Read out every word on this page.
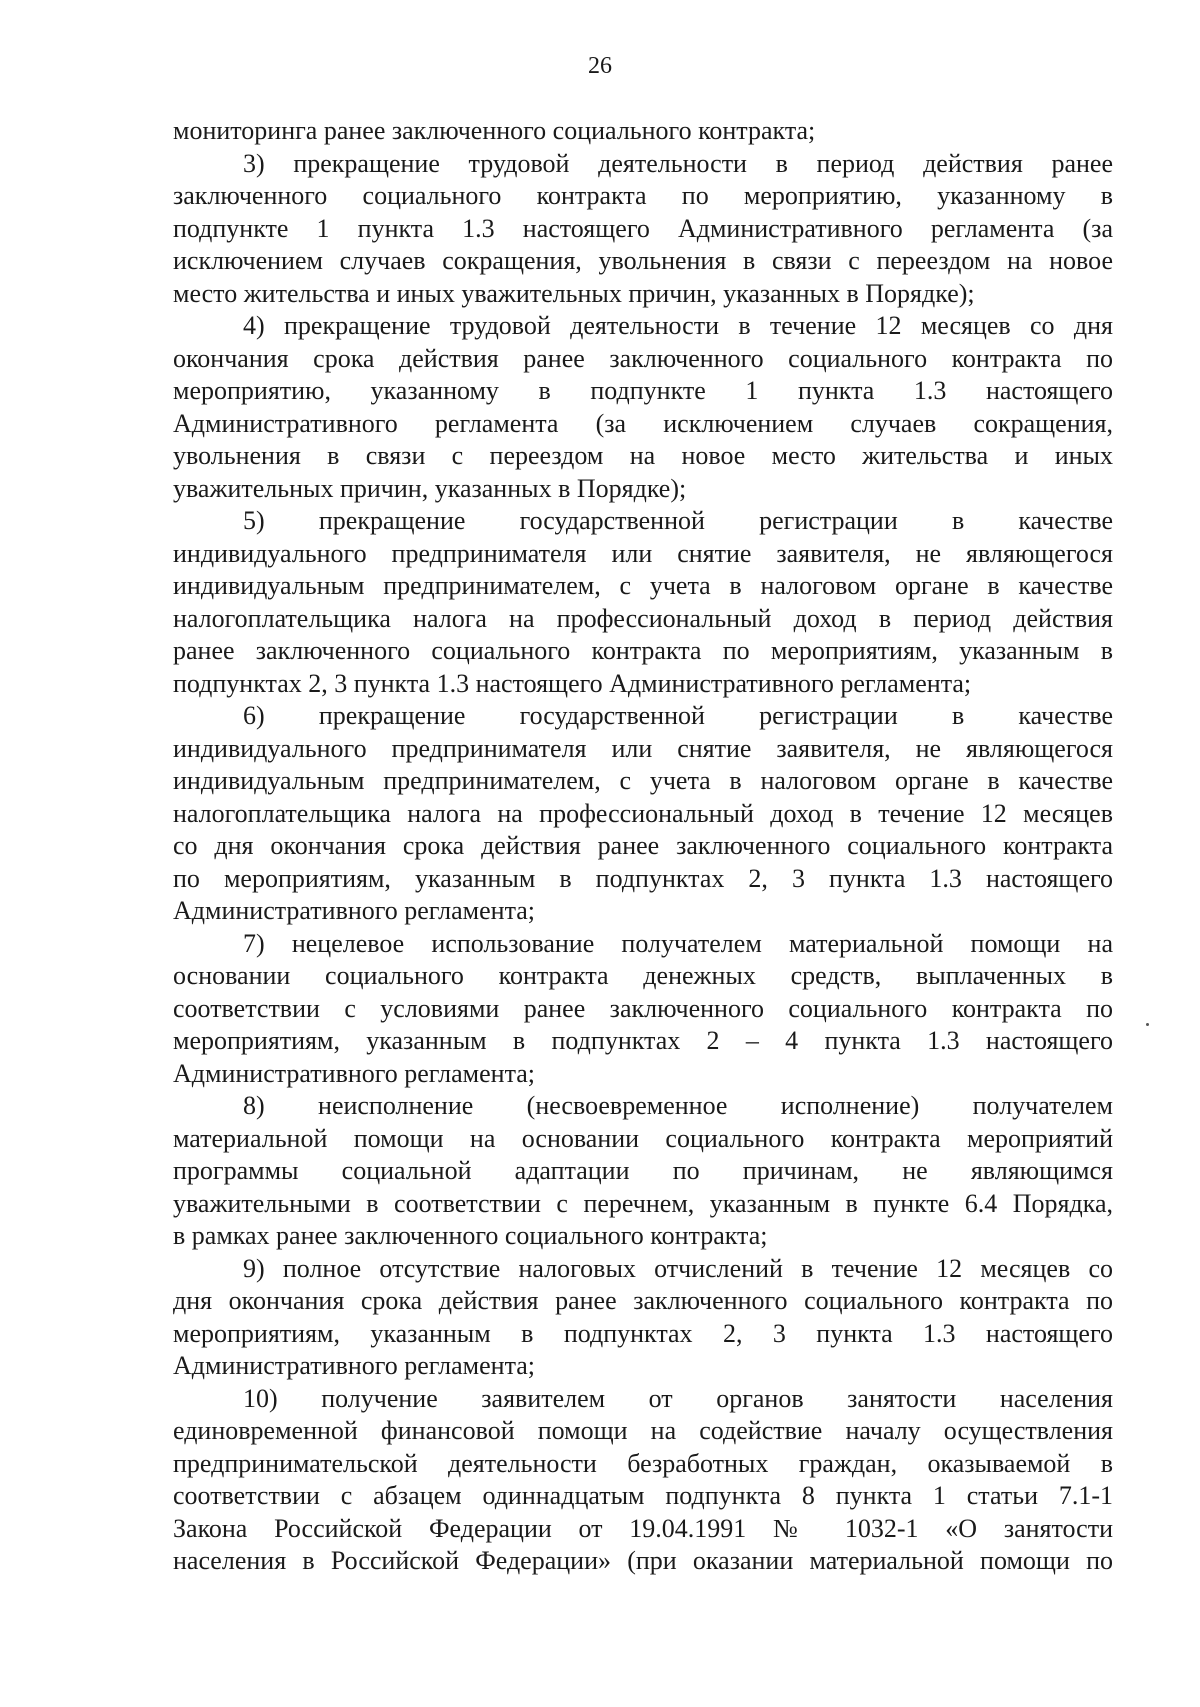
26
мониторинга ранее заключенного социального контракта;
3) прекращение трудовой деятельности в период действия ранее
заключенного социального контракта по мероприятию, указанному в
подпункте 1 пункта 1.3 настоящего Административного регламента (за
исключением случаев сокращения, увольнения в связи с переездом на новое
место жительства и иных уважительных причин, указанных в Порядке);
4) прекращение трудовой деятельности в течение 12 месяцев со дня
окончания срока действия ранее заключенного социального контракта по
мероприятию, указанному в подпункте 1 пункта 1.3 настоящего
Административного регламента (за исключением случаев сокращения,
увольнения в связи с переездом на новое место жительства и иных
уважительных причин, указанных в Порядке);
5) прекращение государственной регистрации в качестве
индивидуального предпринимателя или снятие заявителя, не являющегося
индивидуальным предпринимателем, с учета в налоговом органе в качестве
налогоплательщика налога на профессиональный доход в период действия
ранее заключенного социального контракта по мероприятиям, указанным в
подпунктах 2, 3 пункта 1.3 настоящего Административного регламента;
6) прекращение государственной регистрации в качестве
индивидуального предпринимателя или снятие заявителя, не являющегося
индивидуальным предпринимателем, с учета в налоговом органе в качестве
налогоплательщика налога на профессиональный доход в течение 12 месяцев
со дня окончания срока действия ранее заключенного социального контракта
по мероприятиям, указанным в подпунктах 2, 3 пункта 1.3 настоящего
Административного регламента;
7) нецелевое использование получателем материальной помощи на
основании социального контракта денежных средств, выплаченных в
соответствии с условиями ранее заключенного социального контракта по
мероприятиям, указанным в подпунктах 2 – 4 пункта 1.3 настоящего
Административного регламента;
8) неисполнение (несвоевременное исполнение) получателем
материальной помощи на основании социального контракта мероприятий
программы социальной адаптации по причинам, не являющимся
уважительными в соответствии с перечнем, указанным в пункте 6.4 Порядка,
в рамках ранее заключенного социального контракта;
9) полное отсутствие налоговых отчислений в течение 12 месяцев со
дня окончания срока действия ранее заключенного социального контракта по
мероприятиям, указанным в подпунктах 2, 3 пункта 1.3 настоящего
Административного регламента;
10) получение заявителем от органов занятости населения
единовременной финансовой помощи на содействие началу осуществления
предпринимательской деятельности безработных граждан, оказываемой в
соответствии с абзацем одиннадцатым подпункта 8 пункта 1 статьи 7.1-1
Закона Российской Федерации от 19.04.1991 № 1032-1 «О занятости
населения в Российской Федерации» (при оказании материальной помощи по
